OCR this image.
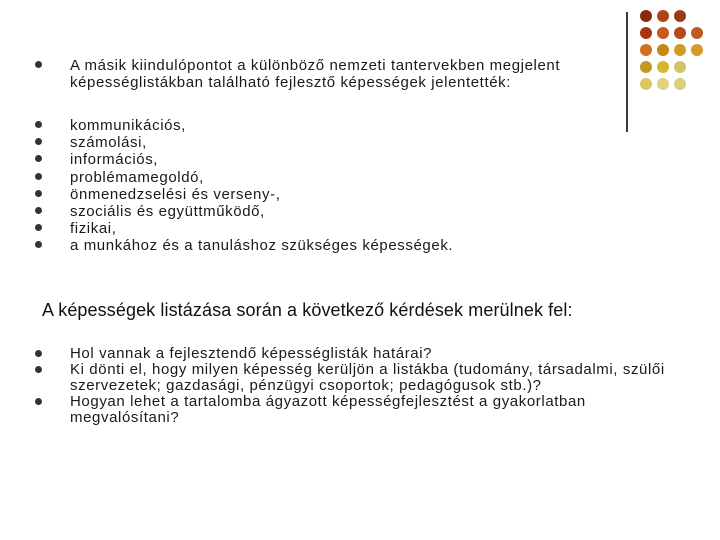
A másik kiindulópontot a különböző nemzeti tantervekben megjelent képességlistákban található fejlesztő képességek jelentették:
kommunikációs,
számolási,
információs,
problémamegoldó,
önmenedzselési és verseny-,
szociális és együttműködő,
fizikai,
a munkához és a tanuláshoz szükséges képességek.
A képességek listázása során a következő kérdések merülnek fel:
Hol vannak a fejlesztendő képességlisták határai?
Ki dönti el, hogy milyen képesség kerüljön a listákba (tudomány, társadalmi, szülői szervezetek; gazdasági, pénzügyi csoportok; pedagógusok stb.)?
Hogyan lehet a tartalomba ágyazott képességfejlesztést a gyakorlatban megvalósítani?
